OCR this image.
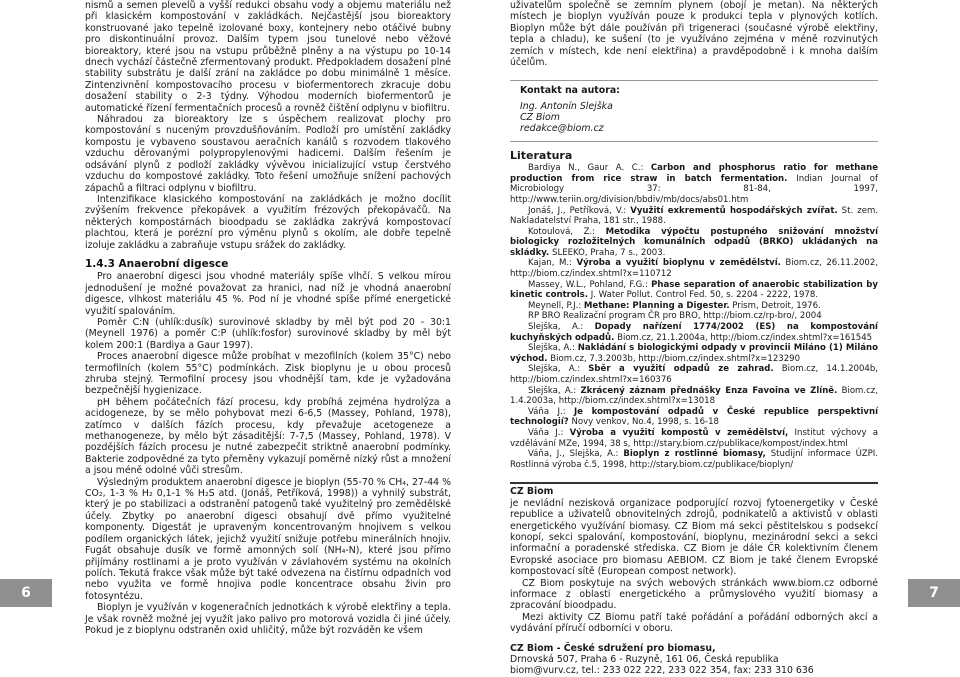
nismů a semen plevelů a vyšší redukci obsahu vody a objemu materiálu než při klasickém kompostování v zakládkách. Nejčastější jsou bioreaktory konstruované jako tepelně izolované boxy, kontejnery nebo otáčivé bubny pro diskontinuální provoz. Dalším typem jsou tunelové nebo věžové bioreaktory, které jsou na vstupu průběžně plněny a na výstupu po 10-14 dnech vychází částečně zfermentovaný produkt. Předpokladem dosažení plné stability substrátu je další zrání na zakládce po dobu minimálně 1 měsíce. Zintenzivnění kompostovacího procesu v biofermentorech zkracuje dobu dosažení stability o 2-3 týdny. Výhodou moderních biofermentorů je automatické řízení fermentačních procesů a rovněž čištění odplynu v biofiltru.

Náhradou za bioreaktory lze s úspěchem realizovat plochy pro kompostování s nuceným provzdušňováním. Podloží pro umístění zakládky kompostu je vybaveno soustavou aeračních kanálů s rozvodem tlakového vzduchu děrovanými polypropylenovými hadicemi. Dalším řešením je odsávání plynů z podloží zakládky vývěvou inicializující vstup čerstvého vzduchu do kompostové zakládky. Toto řešení umožňuje snížení pachových zápachů a filtraci odplynu v biofiltru.

Intenzifikace klasického kompostování na zakládkách je možno docílit zvýšením frekvence překopávek a využitím frézových překopávačů. Na některých kompostárnách bioodpadu se zakládka zakrývá kompostovací plachtou, která je porézní pro výměnu plynů s okolím, ale dobře tepelně izoluje zakládku a zabraňuje vstupu srážek do zakládky.

1.4.3 Anaerobní digesce

Pro anaerobní digesci jsou vhodné materiály spíše vlhčí. S velkou mírou jednodušení je možné považovat za hranici, nad níž je vhodná anaerobní digesce, vlhkost materiálu 45 %. Pod ní je vhodné spíše přímé energetické využití spalováním.

Poměr C:N (uhlík:dusík) surovinové skladby by měl být pod 20 - 30:1 (Meynell 1976) a poměr C:P (uhlík:fosfor) surovinové skladby by měl být kolem 200:1 (Bardiya a Gaur 1997).

Proces anaerobní digesce může probíhat v mezofilních (kolem 35°C) nebo termofilních (kolem 55°C) podmínkách. Zisk bioplynu je u obou procesů zhruba stejný. Termofilní procesy jsou vhodnější tam, kde je vyžadována bezpečnější hygienizace.

pH během počátečních fází procesu, kdy probíhá zejména hydrolýza a acidogeneze, by se mělo pohybovat mezi 6-6,5 (Massey, Pohland, 1978), zatímco v dalších fázích procesu, kdy převažuje acetogeneze a methanogeneze, by mělo být zásaditější: 7-7,5 (Massey, Pohland, 1978). V pozdějších fázích procesu je nutné zabezpečit striktně anaerobní podmínky. Bakterie zodpovědné za tyto přeměny vykazují poměrně nízký růst a množení a jsou méně odolné vůči stresům.

Výsledným produktem anaerobní digesce je bioplyn (55-70 % CH₄, 27-44 % CO₂, 1-3 % H₂ 0,1-1 % H₂S atd. (Jonáš, Petříková, 1998)) a vyhnilý substrát, který je po stabilizaci a odstranění patogenů také využitelný pro zemědělské účely. Zbytky po anaerobní digesci obsahují dvě přímo využitelné komponenty. Digestát je upraveným koncentrovaným hnojivem s velkou podílem organických látek, jejichž využití snižuje potřebu minerálních hnojiv. Fugát obsahuje dusík ve formě amonných solí (NH₄-N), které jsou přímo přijímány rostlinami a je proto využíván v závlahovém systému na okolních polích. Tekutá frakce však může být také odvezena na čistírnu odpadních vod nebo využita ve formě hnojiva podle koncentrace obsahu živin pro fotosyntézu.

Bioplyn je využíván v kogeneračních jednotkách k výrobě elektřiny a tepla. Je však rovněž možné jej využít jako palivo pro motorová vozidla či jiné účely. Pokud je z bioplynu odstraněn oxid uhličitý, může být rozváděn ke všem

uživatelům společně se zemním plynem (obojí je metan). Na některých místech je bioplyn využíván pouze k produkci tepla v plynových kotlích. Bioplyn může být dále používán při trigeneraci (současné výrobě elektřiny, tepla a chladu), ke sušení (to je využíváno zejména v méně rozvinutých zemích v místech, kde není elektřina) a pravděpodobně i k mnoha dalším účelům.

Kontakt na autora:
Ing. Antonín Slejška
CZ Biom
redakce@biom.cz
Literatura

Bardiya N., Gaur A. C.: Carbon and phosphorus ratio for methane production from rice straw in batch fermentation. Indian Journal of Microbiology 37: 81-84, 1997, http://www.teriin.org/division/bbdiv/mb/docs/abs01.htm

Jonáš, J., Petříková, V.: Využití exkrementů hospodářských zvířat. St. zem. Nakladatelství Praha, 181 str., 1988.

Kotoulová, Z.: Metodika výpočtu postupného snižování množství biologicky rozložitelných komunálních odpadů (BRKO) ukládaných na skládky. SLEEKO, Praha, 7 s., 2003.

Kajan, M.: Výroba a využití bioplynu v zemědělství. Biom.cz, 26.11.2002, http://biom.cz/index.shtml?x=110712

Massey, W.L., Pohland, F.G.: Phase separation of anaerobic stabilization by kinetic controls. J. Water Pollut. Control Fed. 50, s. 2204 - 2222, 1978.

Meynell, P.J.: Methane: Planning a Digester. Prism, Detroit, 1976.

RP BRO Realizační program ČR pro BRO, http://biom.cz/rp-bro/, 2004

Slejška, A.: Dopady nařízení 1774/2002 (ES) na kompostování kuchyňských odpadů. Biom.cz, 21.1.2004a, http://biom.cz/index.shtml?x=161545

Slejška, A.: Nakládání s biologickými odpady v provincii Miláno (1) Miláno východ. Biom.cz, 7.3.2003b, http://biom.cz/index.shtml?x=123290

Slejška, A.: Sběr a využití odpadů ze zahrad. Biom.cz, 14.1.2004b, http://biom.cz/index.shtml?x=160376

Slejška, A.: Zkrácený záznam přednášky Enza Favoina ve Zlíně. Biom.cz, 1.4.2003a, http://biom.cz/index.shtml?x=13018

Váňa J.: Je kompostování odpadů v České republice perspektivní technologií? Novy venkov, No.4, 1998, s. 16-18

Váňa J.: Výroba a využití kompostů v zemědělství, Institut výchovy a vzdělávání MZe, 1994, 38 s, http://stary.biom.cz/publikace/kompost/index.html

Váňa, J., Slejška, A.: Bioplyn z rostlinné biomasy, Studijní informace ÚZPI. Rostlinná výroba č.5, 1998, http://stary.biom.cz/publikace/bioplyn/

CZ Biom

je nevládní nezisková organizace podporující rozvoj fytoenergetiky v České republice a uživatelů obnovitelných zdrojů, podnikatelů a aktivistů v oblasti energetického využívání biomasy. CZ Biom má sekci pěstitelskou s podsekcí konopí, sekci spalování, kompostování, bioplynu, mezinárodní sekci a sekci informační a poradenské střediska. CZ Biom je dále ČR kolektivním členem Evropské asociace pro biomasu AEBIOM. CZ Biom je také členem Evropské kompostovací sítě (European compost network).

CZ Biom poskytuje na svých webových stránkách www.biom.cz odborné informace z oblasti energetického a průmyslového využití biomasy a zpracování bioodpadu.

Mezi aktivity CZ Biomu patří také pořádání a pořádání odborných akcí a vydávání příručí odborníci v oboru.

CZ Biom - České sdružení pro biomasu,
Drnovská 507, Praha 6 - Ruzyně, 161 06, Česká republika
biom@vurv.cz, tel.: 233 022 222, 233 022 354, fax: 233 310 636
6	7
